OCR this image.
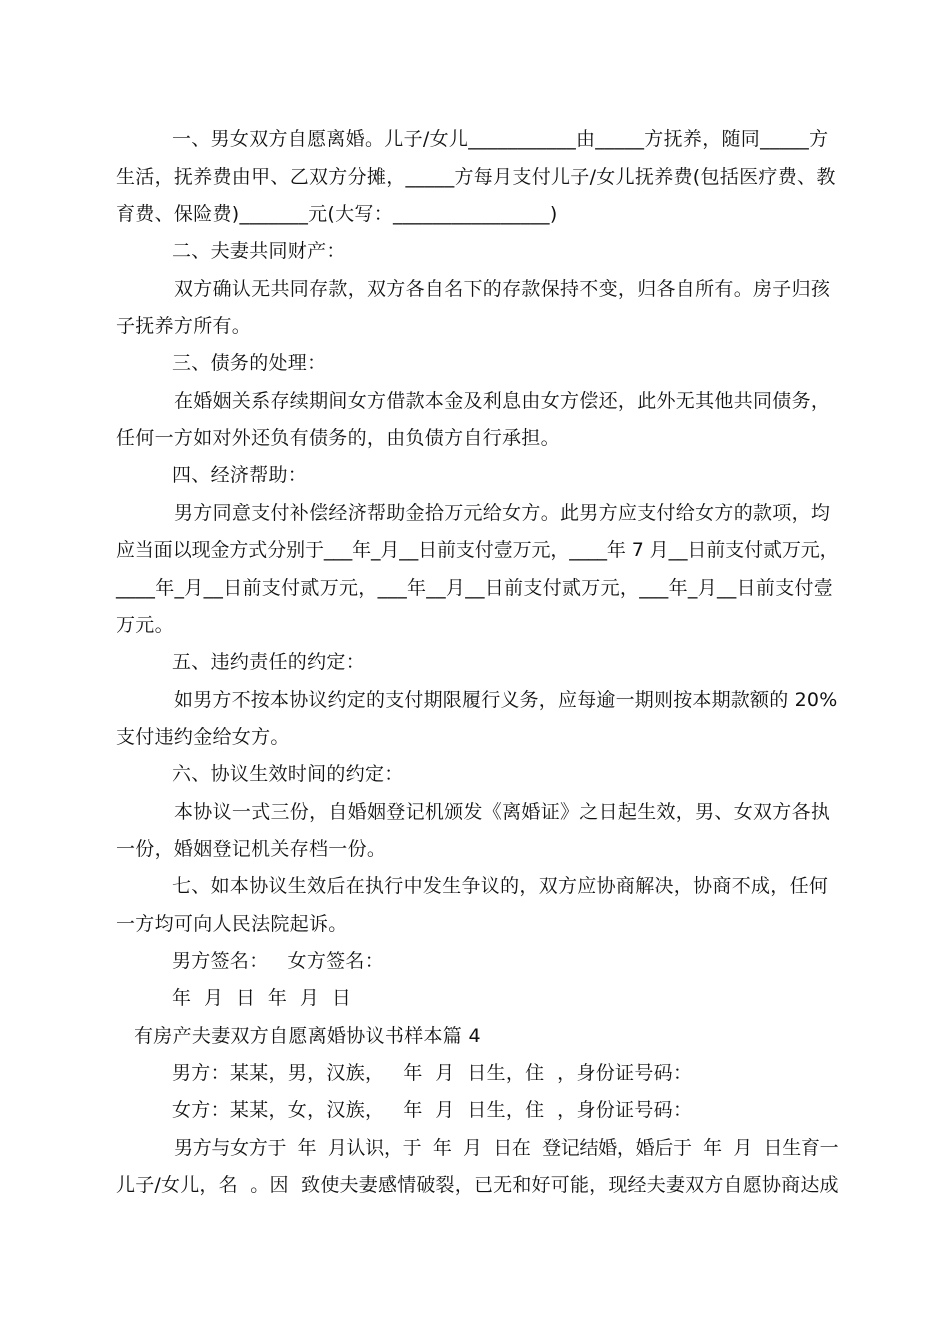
一、男女双方自愿离婚。儿子/女儿___________由_____方抚养，随同_____方
生活，抚养费由甲、乙双方分摊，_____方每月支付儿子/女儿抚养费(包括医疗费、教
育费、保险费)_______元(大写：________________)
二、夫妻共同财产：
双方确认无共同存款，双方各自名下的存款保持不变，归各自所有。房子归孩
子抚养方所有。
三、债务的处理：
在婚姻关系存续期间女方借款本金及利息由女方偿还，此外无其他共同债务，
任何一方如对外还负有债务的，由负债方自行承担。
四、经济帮助：
男方同意支付补偿经济帮助金拾万元给女方。此男方应支付给女方的款项，均
应当面以现金方式分别于___年_月__日前支付壹万元，____年 7 月__日前支付贰万元，
____年_月__日前支付贰万元，___年__月__日前支付贰万元，___年_月__日前支付壹
万元。
五、违约责任的约定：
如男方不按本协议约定的支付期限履行义务，应每逾一期则按本期款额的 20%
支付违约金给女方。
六、协议生效时间的约定：
本协议一式三份，自婚姻登记机颁发《离婚证》之日起生效，男、女双方各执
一份，婚姻登记机关存档一份。
七、如本协议生效后在执行中发生争议的，双方应协商解决，协商不成，任何
一方均可向人民法院起诉。
男方签名：   女方签名：
年  月  日  年  月  日
有房产夫妻双方自愿离婚协议书样本篇 4
男方：某某，男，汉族，   年  月  日生，住  ，身份证号码：
女方：某某，女，汉族，   年  月  日生，住  ，身份证号码：
男方与女方于  年  月认识，于  年  月  日在  登记结婚，婚后于  年  月  日生育一
儿子/女儿，名  。因  致使夫妻感情破裂，已无和好可能，现经夫妻双方自愿协商达成
